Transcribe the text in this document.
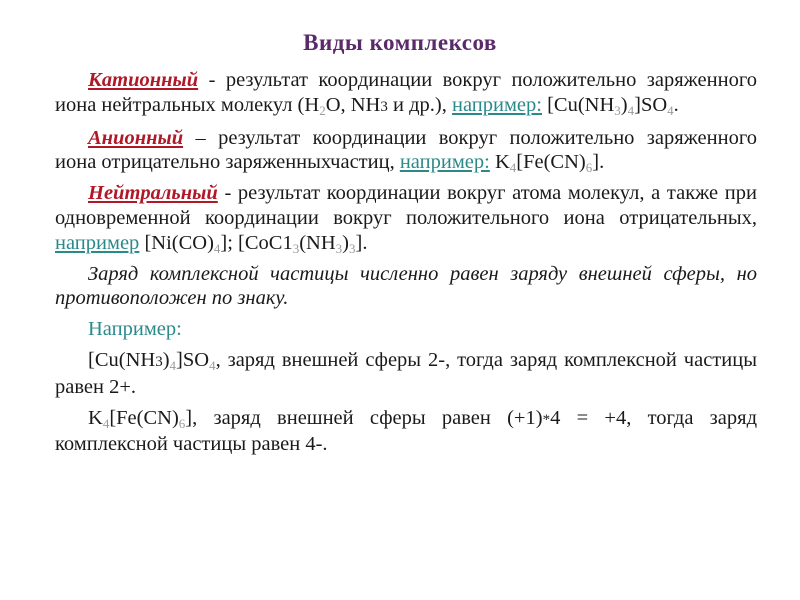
Виды комплексов

Катионный - результат координации вокруг положительно заряженного иона нейтральных молекул ($H_2O$, NH3 и др.), например: $[Cu(NH_3)_4]SO_4$.

Анионный – результат координации вокруг положительно заряженного иона отрицательно заряженныхчастиц, например: $K_4[Fe(CN)_6]$.

Нейтральный - результат координации вокруг атома молекул, а также при одновременной координации вокруг положительного иона отрицательных, например $[Ni(CO)_4]$; $[CoC1_3(NH_3)_3]$.

Заряд комплексной частицы численно равен заряду внешней сферы, но противоположен по знаку.

Например:

$[Cu(NH3)_4]SO_4$, заряд внешней сферы 2-, тогда заряд комплексной частицы равен 2+.

$K_4[Fe(CN)_6]$, заряд внешней сферы равен (+1)*4 = +4, тогда заряд комплексной частицы равен 4-.
